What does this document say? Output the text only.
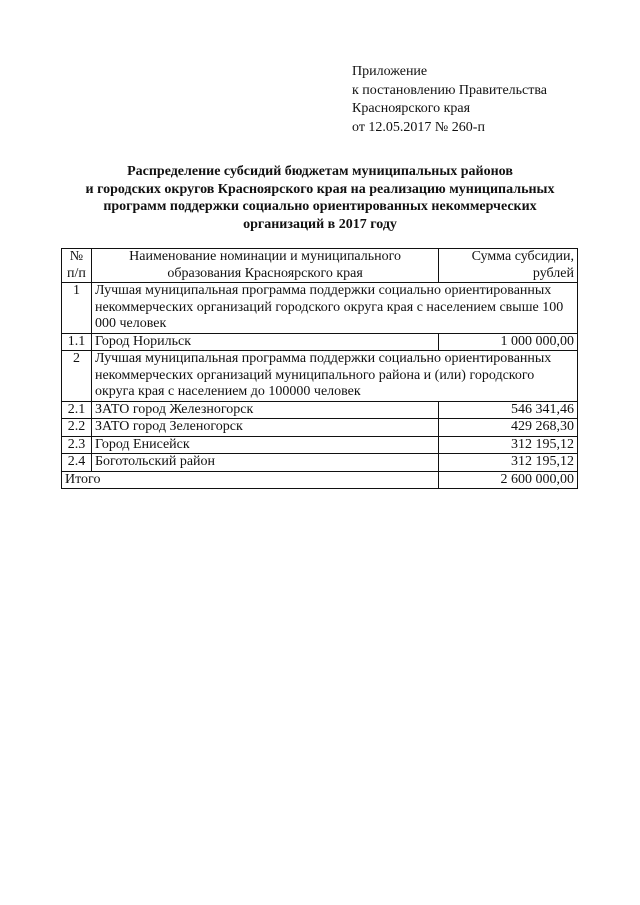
Приложение
к постановлению Правительства
Красноярского края
от 12.05.2017 № 260-п
Распределение субсидий бюджетам муниципальных районов
и городских округов Красноярского края на реализацию муниципальных
программ поддержки социально ориентированных некоммерческих
организаций в 2017 году
№ п/п	Наименование номинации и муниципального образования Красноярского края	Сумма субсидии, рублей
1	Лучшая муниципальная программа поддержки социально ориентированных некоммерческих организаций городского округа края с населением свыше 100 000 человек	
1.1	Город Норильск	1 000 000,00
2	Лучшая муниципальная программа поддержки социально ориентированных некоммерческих организаций муниципального района и (или) городского округа края с населением до 100000 человек	
2.1	ЗАТО город Железногорск	546 341,46
2.2	ЗАТО город Зеленогорск	429 268,30
2.3	Город Енисейск	312 195,12
2.4	Боготольский район	312 195,12
Итого		2 600 000,00
